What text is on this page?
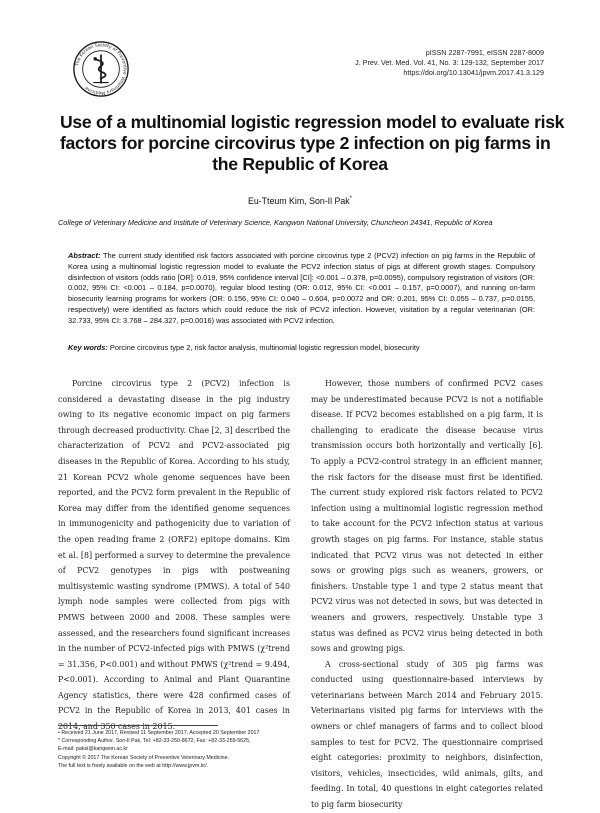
The Korean Society of Preventive Veterinary Medicine
pISSN 2287-7991, eISSN 2287-8009
J. Prev. Vet. Med. Vol. 41, No. 3: 129-132, September 2017
https://doi.org/10.13041/jpvm.2017.41.3.129
Use of a multinomial logistic regression model to evaluate risk
factors for porcine circovirus type 2 infection on pig farms in
the Republic of Korea
Eu-Tteum Kim, Son-Il Pak*
College of Veterinary Medicine and Institute of Veterinary Science, Kangwon National University, Chuncheon 24341, Republic of Korea
Abstract: The current study identified risk factors associated with porcine circovirus type 2 (PCV2) infection on pig farms in the Republic of Korea using a multinomial logistic regression model to evaluate the PCV2 infection status of pigs at different growth stages. Compulsory disinfection of visitors (odds ratio [OR]: 0.019, 95% confidence interval [CI]: <0.001 – 0.378, p=0.0095), compulsory registration of visitors (OR: 0.002, 95% CI: <0.001 – 0.184, p=0.0070), regular blood testing (OR: 0.012, 95% CI: <0.001 – 0.157, p=0.0007), and running on-farm biosecurity learning programs for workers (OR: 0.156, 95% CI: 0.040 – 0.604, p=0.0072 and OR: 0.201, 95% CI: 0.055 – 0.737, p=0.0155, respectively) were identified as factors which could reduce the risk of PCV2 infection. However, visitation by a regular veterinarian (OR: 32.733, 95% CI: 3.768 – 284.327, p=0.0016) was associated with PCV2 infection.
Key words: Porcine circovirus type 2, risk factor analysis, multinomial logistic regression model, biosecurity

Porcine circovirus type 2 (PCV2) infection is considered a devastating disease in the pig industry owing to its negative economic impact on pig farmers through decreased productivity. Chae [2, 3] described the characterization of PCV2 and PCV2-associated pig diseases in the Republic of Korea. According to his study, 21 Korean PCV2 whole genome sequences have been reported, and the PCV2 form prevalent in the Republic of Korea may differ from the identified genome sequences in immunogenicity and pathogenicity due to variation of the open reading frame 2 (ORF2) epitope domains. Kim et al. [8] performed a survey to determine the prevalence of PCV2 genotypes in pigs with postweaning multisystemic wasting syndrome (PMWS). A total of 540 lymph node samples were collected from pigs with PMWS between 2000 and 2008. These samples were assessed, and the researchers found significant increases in the number of PCV2-infected pigs with PMWS (χ²trend = 31.356, P<0.001) and without PMWS (χ²trend = 9.494, P<0.001). According to Animal and Plant Quarantine Agency statistics, there were 428 confirmed cases of PCV2 in the Republic of Korea in 2013, 401 cases in 2014, and 350 cases in 2015.

However, those numbers of confirmed PCV2 cases may be underestimated because PCV2 is not a notifiable disease. If PCV2 becomes established on a pig farm, it is challenging to eradicate the disease because virus transmission occurs both horizontally and vertically [6]. To apply a PCV2-control strategy in an efficient manner, the risk factors for the disease must first be identified. The current study explored risk factors related to PCV2 infection using a multinomial logistic regression method to take account for the PCV2 infection status at various growth stages on pig farms. For instance, stable status indicated that PCV2 virus was not detected in either sows or growing pigs such as weaners, growers, or finishers. Unstable type 1 and type 2 status meant that PCV2 virus was not detected in sows, but was detected in weaners and growers, respectively. Unstable type 3 status was defined as PCV2 virus being detected in both sows and growing pigs.

A cross-sectional study of 305 pig farms was conducted using questionnaire-based interviews by veterinarians between March 2014 and February 2015. Veterinarians visited pig farms for interviews with the owners or chief managers of farms and to collect blood samples to test for PCV2. The questionnaire comprised eight categories: proximity to neighbors, disinfection, visitors, vehicles, insecticides, wild animals, gilts, and feeding. In total, 40 questions in eight categories related to pig farm biosecurity

• Received 21 June 2017, Revised 11 September 2017, Accepted 20 September 2017
* Corresponding Author. Son-Il Pak, Tel: +82-33-250-8672, Fax: +82-33-259-5625,
E-mail: paksi@kangwon.ac.kr
Copyright © 2017 The Korean Society of Preventive Veterinary Medicine.
The full text is freely available on the web at http://www.jpvm.kr/.
